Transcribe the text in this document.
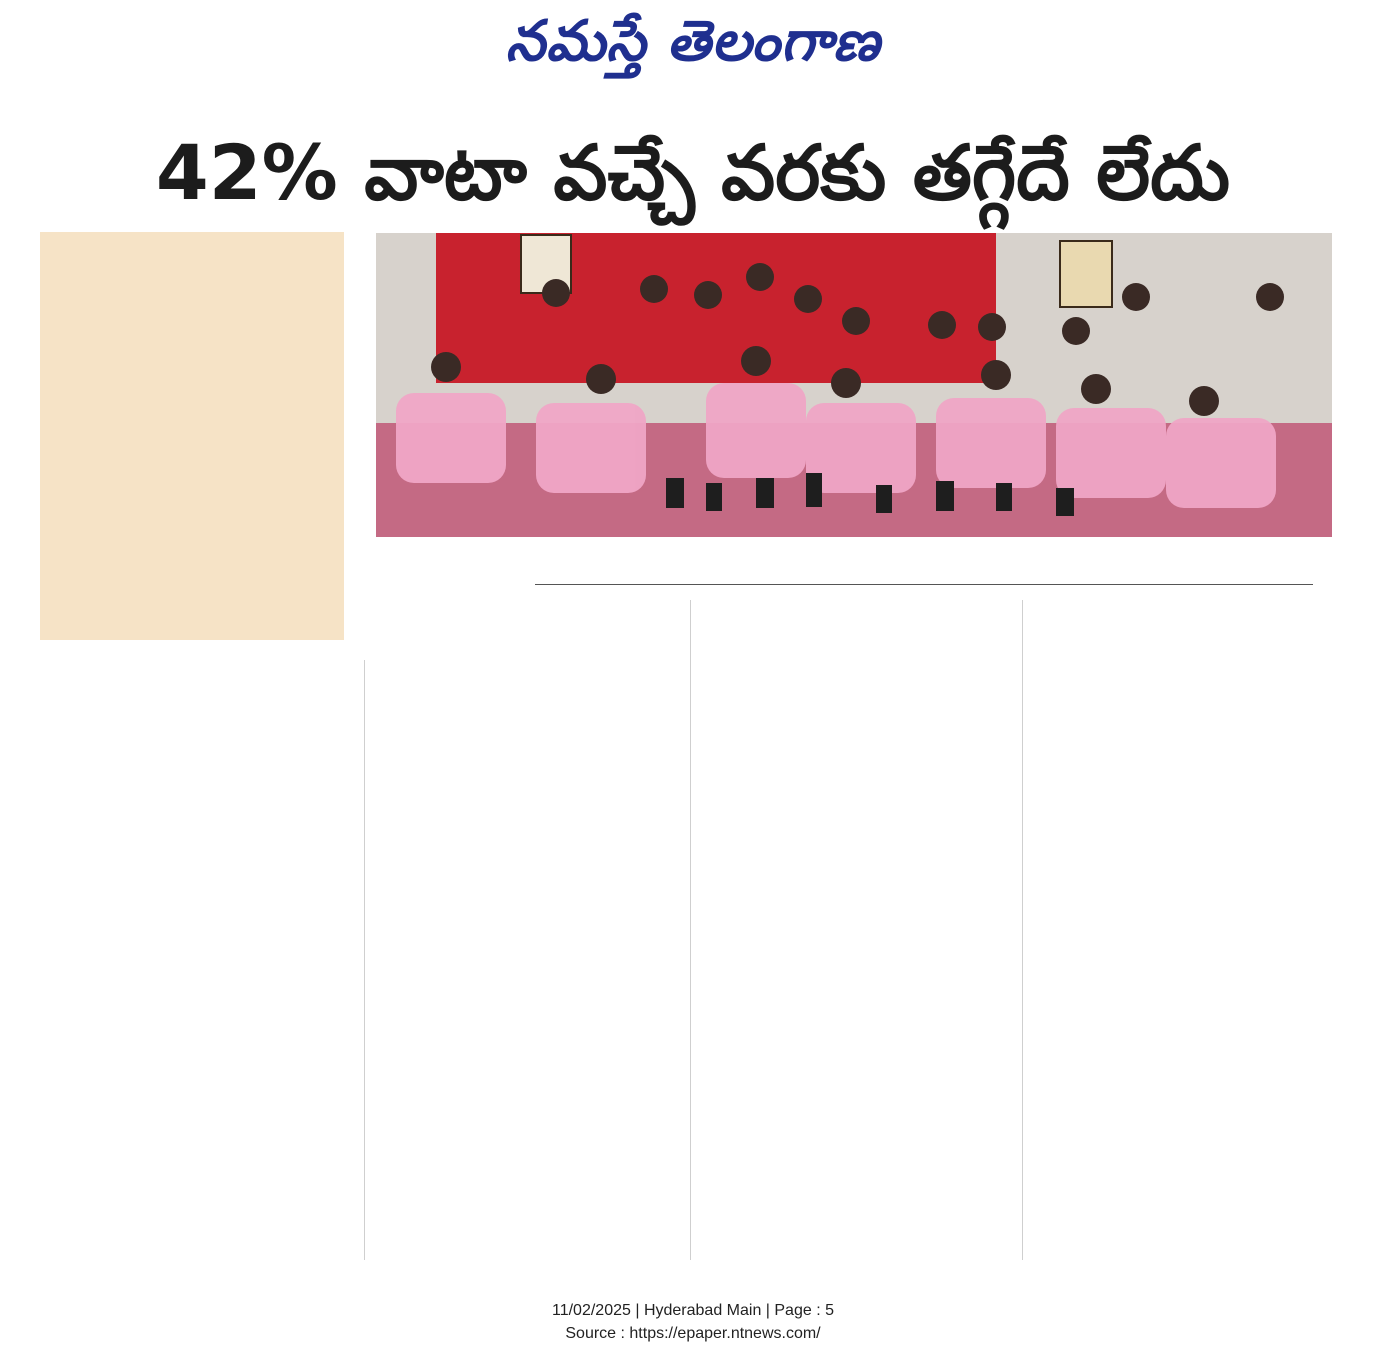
నమస్తే తెలంగాణ
42% వాటా వచ్చే వరకు తగ్గేదే లేదు
11/02/2025 | Hyderabad Main | Page : 5
Source : https://epaper.ntnews.com/
